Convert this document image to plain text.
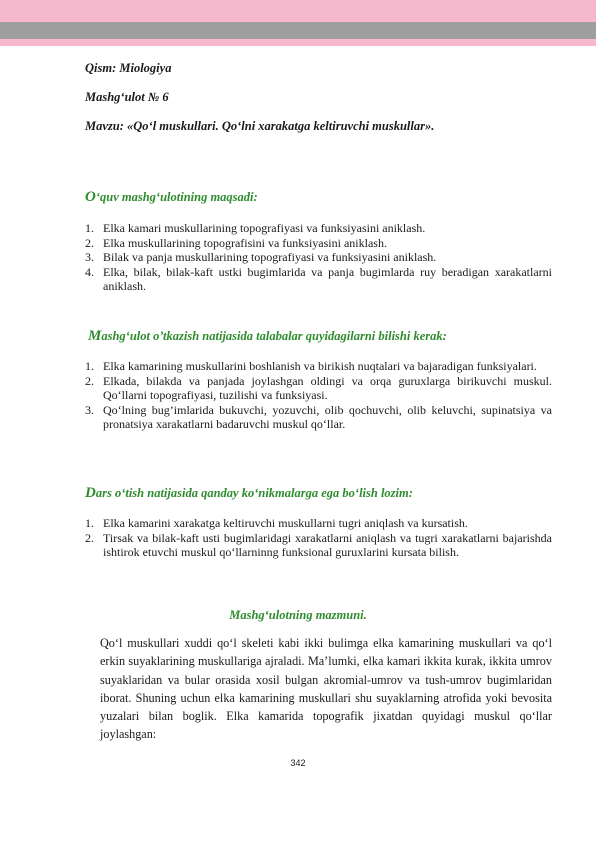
Qism: Miologiya
Mashg‘ulot № 6
Mavzu: «Qo‘l muskullari. Qo‘lni xarakatga keltiruvchi muskullar».
O‘quv mashg‘ulotining maqsadi:
1. Elka kamari muskullarining topografiyasi va funksiyasini aniklash.
2. Elka muskullarining topografisini va funksiyasini aniklash.
3. Bilak va panja muskullarining topografiyasi va funksiyasini aniklash.
4. Elka, bilak, bilak-kaft ustki bugimlarida va panja bugimlarda ruy beradigan xarakatlarni aniklash.
Mashg‘ulot o’tkazish natijasida talabalar quyidagilarni bilishi kerak:
1. Elka kamarining muskullarini boshlanish va birikish nuqtalari va bajaradigan funksiyalari.
2. Elkada, bilakda va panjada joylashgan oldingi va orqa guruxlarga birikuvchi muskul. Qo‘llarni topografiyasi, tuzilishi va funksiyasi.
3. Qo‘lning bug’imlarida bukuvchi, yozuvchi, olib qochuvchi, olib keluvchi, supinatsiya va pronatsiya xarakatlarni badaruvchi muskul qo‘llar.
Dars o‘tish natijasida qanday ko‘nikmalarga ega bo‘lish lozim:
1. Elka kamarini xarakatga keltiruvchi muskullarni tugri aniqlash va kursatish.
2. Tirsak va bilak-kaft usti bugimlaridagi xarakatlarni aniqlash va tugri xarakatlarni bajarishda ishtirok etuvchi muskul qo‘llarninng funksional guruxlarini kursata bilish.
Mashg‘ulotning mazmuni.
Qo‘l muskullari xuddi qo‘l skeleti kabi ikki bulimga elka kamarining muskullari va qo‘l erkin suyaklarining muskullariga ajraladi. Ma’lumki, elka kamari ikkita kurak, ikkita umrov suyaklaridan va bular orasida xosil bulgan akromial-umrov va tush-umrov bugimlaridan iborat. Shuning uchun elka kamarining muskullari shu suyaklarning atrofida yoki bevosita yuzalari bilan boglik. Elka kamarida topografik jixatdan quyidagi muskul qo‘llar joylashgan:
342
